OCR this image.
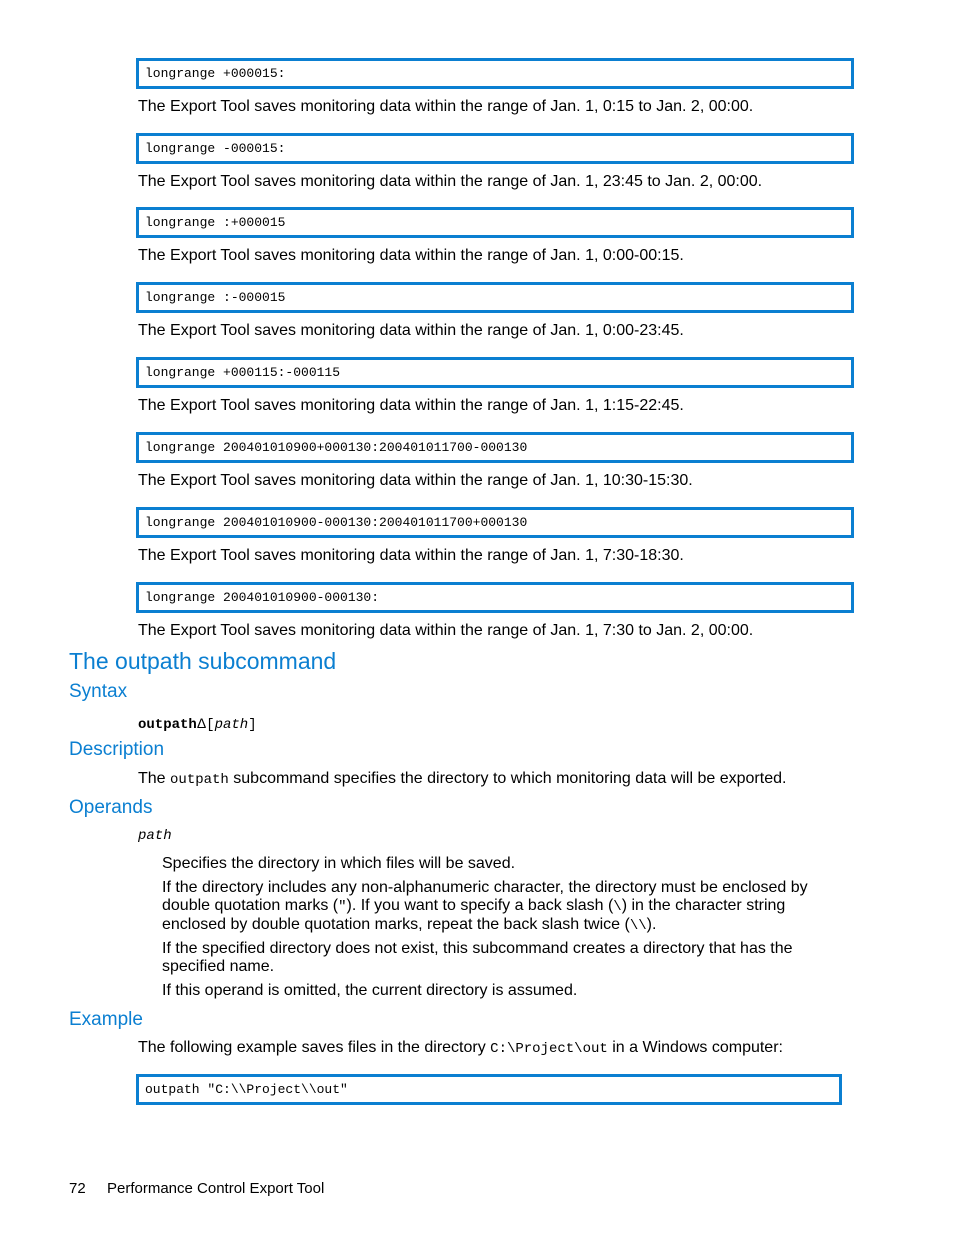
longrange +000015:
The Export Tool saves monitoring data within the range of Jan. 1, 0:15 to Jan. 2, 00:00.
longrange -000015:
The Export Tool saves monitoring data within the range of Jan. 1, 23:45 to Jan. 2, 00:00.
longrange :+000015
The Export Tool saves monitoring data within the range of Jan. 1, 0:00-00:15.
longrange :-000015
The Export Tool saves monitoring data within the range of Jan. 1, 0:00-23:45.
longrange +000115:-000115
The Export Tool saves monitoring data within the range of Jan. 1, 1:15-22:45.
longrange 200401010900+000130:200401011700-000130
The Export Tool saves monitoring data within the range of Jan. 1, 10:30-15:30.
longrange 200401010900-000130:200401011700+000130
The Export Tool saves monitoring data within the range of Jan. 1, 7:30-18:30.
longrange 200401010900-000130:
The Export Tool saves monitoring data within the range of Jan. 1, 7:30 to Jan. 2, 00:00.
The outpath subcommand
Syntax
outpathΔ[path]
Description
The outpath subcommand specifies the directory to which monitoring data will be exported.
Operands
path
Specifies the directory in which files will be saved.
If the directory includes any non-alphanumeric character, the directory must be enclosed by double quotation marks ("). If you want to specify a back slash (\) in the character string enclosed by double quotation marks, repeat the back slash twice (\\).
If the specified directory does not exist, this subcommand creates a directory that has the specified name.
If this operand is omitted, the current directory is assumed.
Example
The following example saves files in the directory C:\Project\out in a Windows computer:
outpath "C:\\Project\\out"
72 Performance Control Export Tool
